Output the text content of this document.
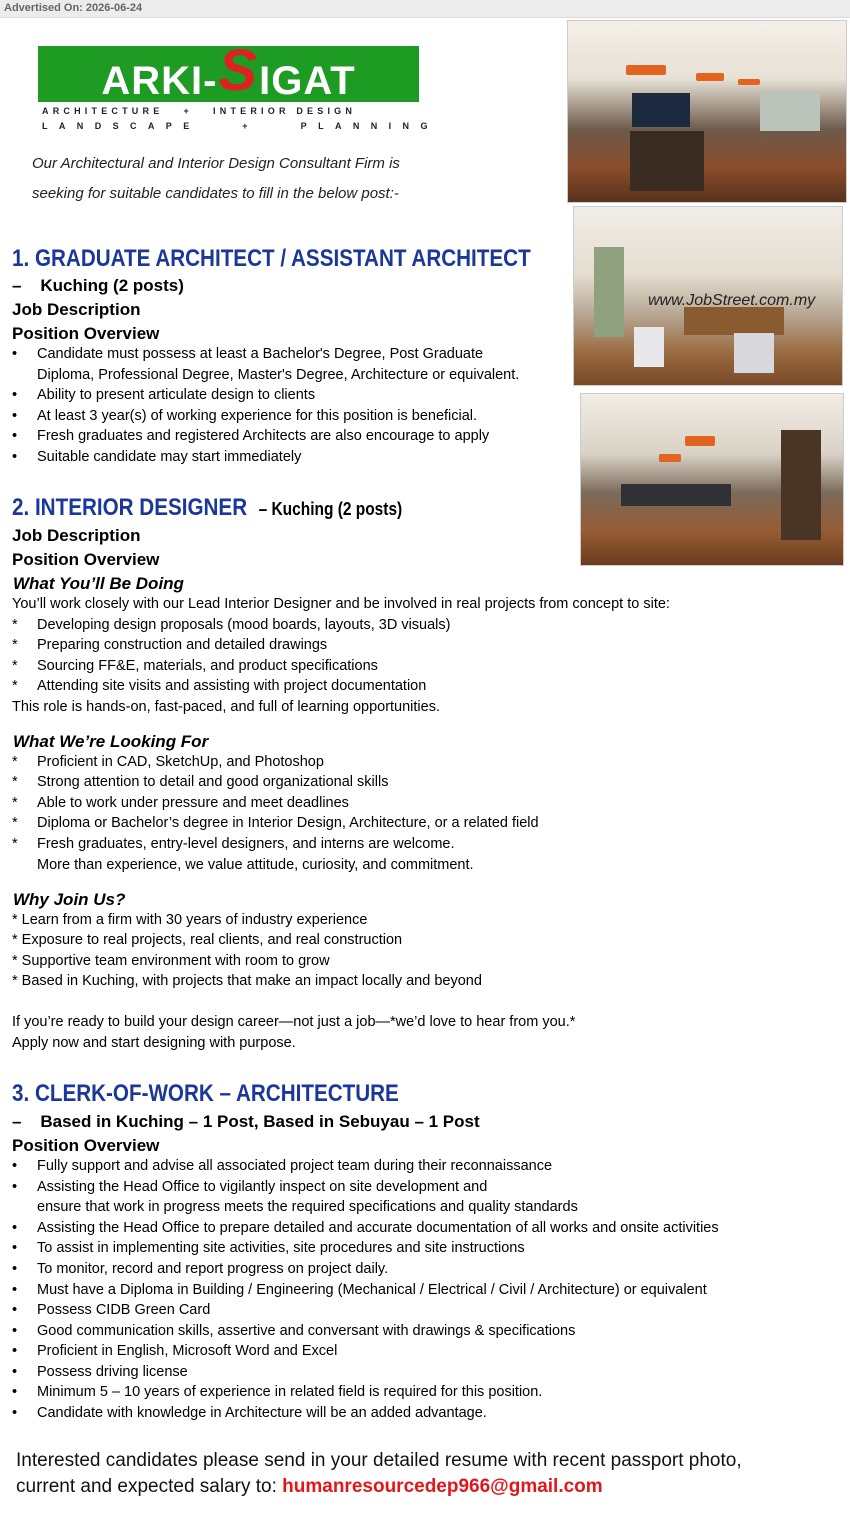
Advertised On: 2026-06-24
ARKI-SIGAT
ARCHITECTURE   +   INTERIOR DESIGN
LANDSCAPE   +   PLANNING
Our Architectural and Interior Design Consultant Firm is
seeking for suitable candidates to fill in the below post:-
www.JobStreet.com.my
1. GRADUATE ARCHITECT / ASSISTANT ARCHITECT
–    Kuching (2 posts)
Job Description
Position Overview
• Candidate must possess at least a Bachelor's Degree, Post Graduate
Diploma, Professional Degree, Master's Degree, Architecture or equivalent.
• Ability to present articulate design to clients
• At least 3 year(s) of working experience for this position is beneficial.
• Fresh graduates and registered Architects are also encourage to apply
• Suitable candidate may start immediately
2. INTERIOR DESIGNER – Kuching (2 posts)
Job Description
Position Overview
What You’ll Be Doing
You’ll work closely with our Lead Interior Designer and be involved in real projects from concept to site:
* Developing design proposals (mood boards, layouts, 3D visuals)
* Preparing construction and detailed drawings
* Sourcing FF&E, materials, and product specifications
* Attending site visits and assisting with project documentation
This role is hands-on, fast-paced, and full of learning opportunities.
What We’re Looking For
* Proficient in CAD, SketchUp, and Photoshop
* Strong attention to detail and good organizational skills
* Able to work under pressure and meet deadlines
* Diploma or Bachelor’s degree in Interior Design, Architecture, or a related field
* Fresh graduates, entry-level designers, and interns are welcome.
More than experience, we value attitude, curiosity, and commitment.
Why Join Us?
* Learn from a firm with 30 years of industry experience
* Exposure to real projects, real clients, and real construction
* Supportive team environment with room to grow
* Based in Kuching, with projects that make an impact locally and beyond
If you’re ready to build your design career—not just a job—*we’d love to hear from you.*
Apply now and start designing with purpose.
3. CLERK-OF-WORK – ARCHITECTURE
–    Based in Kuching – 1 Post, Based in Sebuyau – 1 Post
Position Overview
• Fully support and advise all associated project team during their reconnaissance
• Assisting the Head Office to vigilantly inspect on site development and
ensure that work in progress meets the required specifications and quality standards
• Assisting the Head Office to prepare detailed and accurate documentation of all works and onsite activities
• To assist in implementing site activities, site procedures and site instructions
• To monitor, record and report progress on project daily.
• Must have a Diploma in Building / Engineering (Mechanical / Electrical / Civil / Architecture) or equivalent
• Possess CIDB Green Card
• Good communication skills, assertive and conversant with drawings & specifications
• Proficient in English, Microsoft Word and Excel
• Possess driving license
• Minimum 5 – 10 years of experience in related field is required for this position.
• Candidate with knowledge in Architecture will be an added advantage.
Interested candidates please send in your detailed resume with recent passport photo,
current and expected salary to: humanresourcedep966@gmail.com
